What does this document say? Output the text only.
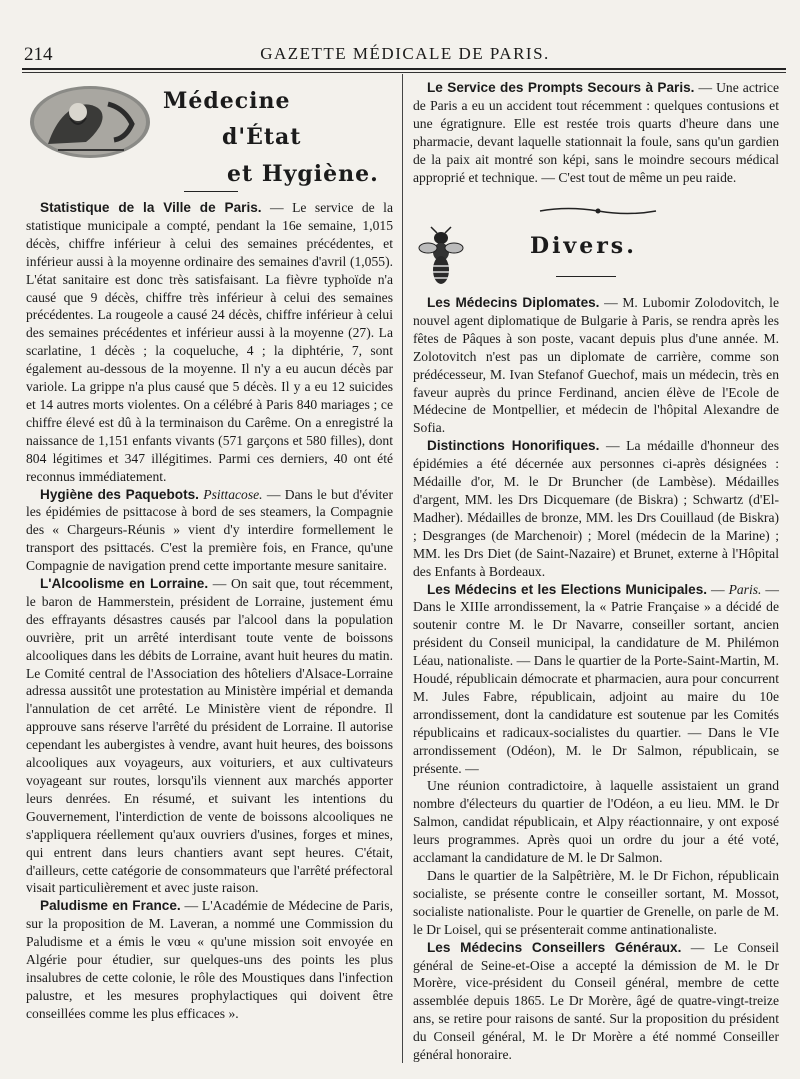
214	GAZETTE MÉDICALE DE PARIS.
Médecine
d'État
et Hygiène.

Statistique de la Ville de Paris. — Le service de la statistique municipale a compté, pendant la 16e semaine, 1,015 décès, chiffre inférieur à celui des semaines précédentes, et inférieur aussi à la moyenne ordinaire des semaines d'avril (1,055). L'état sanitaire est donc très satisfaisant. La fièvre typhoïde n'a causé que 9 décès, chiffre très inférieur à celui des semaines précédentes. La rougeole a causé 24 décès, chiffre inférieur à celui des semaines précédentes et inférieur aussi à la moyenne (27). La scarlatine, 1 décès ; la coqueluche, 4 ; la diphtérie, 7, sont également au-dessous de la moyenne. Il n'y a eu aucun décès par variole. La grippe n'a plus causé que 5 décès. Il y a eu 12 suicides et 14 autres morts violentes. On a célébré à Paris 840 mariages ; ce chiffre élevé est dû à la terminaison du Carême. On a enregistré la naissance de 1,151 enfants vivants (571 garçons et 580 filles), dont 804 légitimes et 347 illégitimes. Parmi ces derniers, 40 ont été reconnus immédiatement.

Hygiène des Paquebots. Psittacose. — Dans le but d'éviter les épidémies de psittacose à bord de ses steamers, la Compagnie des « Chargeurs-Réunis » vient d'y interdire formellement le transport des psittacés. C'est la première fois, en France, qu'une Compagnie de navigation prend cette importante mesure sanitaire.

L'Alcoolisme en Lorraine. — On sait que, tout récemment, le baron de Hammerstein, président de Lorraine, justement ému des effrayants désastres causés par l'alcool dans la population ouvrière, prit un arrêté interdisant toute vente de boissons alcooliques dans les débits de Lorraine, avant huit heures du matin. Le Comité central de l'Association des hôteliers d'Alsace-Lorraine adressa aussitôt une protestation au Ministère impérial et demanda l'annulation de cet arrêté. Le Ministère vient de répondre. Il approuve sans réserve l'arrêté du président de Lorraine. Il autorise cependant les aubergistes à vendre, avant huit heures, des boissons alcooliques aux voyageurs, aux voituriers, et aux cultivateurs voyageant sur routes, lorsqu'ils viennent aux marchés apporter leurs denrées. En résumé, et suivant les intentions du Gouvernement, l'interdiction de vente de boissons alcooliques ne s'appliquera réellement qu'aux ouvriers d'usines, forges et mines, qui entrent dans leurs chantiers avant sept heures. C'était, d'ailleurs, cette catégorie de consommateurs que l'arrêté préfectoral visait particulièrement et avec juste raison.

Paludisme en France. — L'Académie de Médecine de Paris, sur la proposition de M. Laveran, a nommé une Commission du Paludisme et a émis le vœu « qu'une mission soit envoyée en Algérie pour étudier, sur quelques-uns des points les plus insalubres de cette colonie, le rôle des Moustiques dans l'infection palustre, et les mesures prophylactiques qui doivent être conseillées comme les plus efficaces ».

Le Service des Prompts Secours à Paris. — Une actrice de Paris a eu un accident tout récemment : quelques contusions et une égratignure. Elle est restée trois quarts d'heure dans une pharmacie, devant laquelle stationnait la foule, sans qu'un gardien de la paix ait montré son képi, sans le moindre secours médical approprié et technique. — C'est tout de même un peu raide.

Divers.

Les Médecins Diplomates. — M. Lubomir Zolodovitch, le nouvel agent diplomatique de Bulgarie à Paris, se rendra après les fêtes de Pâques à son poste, vacant depuis plus d'une année. M. Zolotovitch n'est pas un diplomate de carrière, comme son prédécesseur, M. Ivan Stefanof Guechof, mais un médecin, très en faveur auprès du prince Ferdinand, ancien élève de l'Ecole de Médecine de Montpellier, et médecin de l'hôpital Alexandre de Sofia.

Distinctions Honorifiques. — La médaille d'honneur des épidémies a été décernée aux personnes ci-après désignées : Médaille d'or, M. le Dr Bruncher (de Lambèse). Médailles d'argent, MM. les Drs Dicquemare (de Biskra) ; Schwartz (d'El-Madher). Médailles de bronze, MM. les Drs Couillaud (de Biskra) ; Desgranges (de Marchenoir) ; Morel (médecin de la Marine) ; MM. les Drs Diet (de Saint-Nazaire) et Brunet, externe à l'Hôpital des Enfants à Bordeaux.

Les Médecins et les Elections Municipales. — Paris. — Dans le XIIIe arrondissement, la « Patrie Française » a décidé de soutenir contre M. le Dr Navarre, conseiller sortant, ancien président du Conseil municipal, la candidature de M. Philémon Léau, nationaliste. — Dans le quartier de la Porte-Saint-Martin, M. Houdé, républicain démocrate et pharmacien, aura pour concurrent M. Jules Fabre, républicain, adjoint au maire du 10e arrondissement, dont la candidature est soutenue par les Comités républicains et radicaux-socialistes du quartier. — Dans le VIe arrondissement (Odéon), M. le Dr Salmon, républicain, se présente. —

Une réunion contradictoire, à laquelle assistaient un grand nombre d'électeurs du quartier de l'Odéon, a eu lieu. MM. le Dr Salmon, candidat républicain, et Alpy réactionnaire, y ont exposé leurs programmes. Après quoi un ordre du jour a été voté, acclamant la candidature de M. le Dr Salmon.

Dans le quartier de la Salpêtrière, M. le Dr Fichon, républicain socialiste, se présente contre le conseiller sortant, M. Mossot, socialiste nationaliste. Pour le quartier de Grenelle, on parle de M. le Dr Loisel, qui se présenterait comme antinationaliste.

Les Médecins Conseillers Généraux. — Le Conseil général de Seine-et-Oise a accepté la démission de M. le Dr Morère, vice-président du Conseil général, membre de cette assemblée depuis 1865. Le Dr Morère, âgé de quatre-vingt-treize ans, se retire pour raisons de santé. Sur la proposition du président du Conseil général, M. le Dr Morère a été nommé Conseiller général honoraire.
